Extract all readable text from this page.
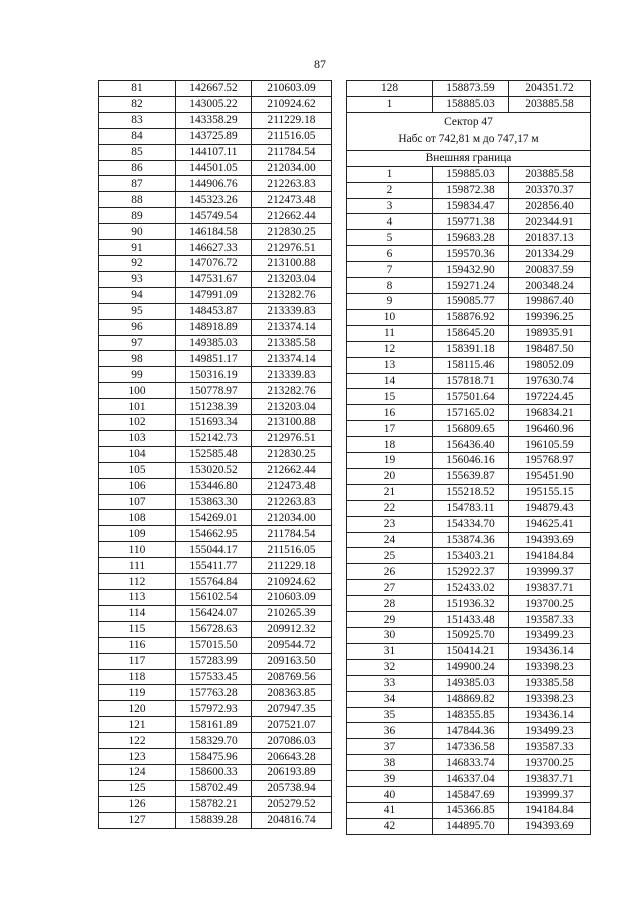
87
81	142667.52	210603.09
82	143005.22	210924.62
83	143358.29	211229.18
84	143725.89	211516.05
85	144107.11	211784.54
86	144501.05	212034.00
87	144906.76	212263.83
88	145323.26	212473.48
89	145749.54	212662.44
90	146184.58	212830.25
91	146627.33	212976.51
92	147076.72	213100.88
93	147531.67	213203.04
94	147991.09	213282.76
95	148453.87	213339.83
96	148918.89	213374.14
97	149385.03	213385.58
98	149851.17	213374.14
99	150316.19	213339.83
100	150778.97	213282.76
101	151238.39	213203.04
102	151693.34	213100.88
103	152142.73	212976.51
104	152585.48	212830.25
105	153020.52	212662.44
106	153446.80	212473.48
107	153863.30	212263.83
108	154269.01	212034.00
109	154662.95	211784.54
110	155044.17	211516.05
111	155411.77	211229.18
112	155764.84	210924.62
113	156102.54	210603.09
114	156424.07	210265.39
115	156728.63	209912.32
116	157015.50	209544.72
117	157283.99	209163.50
118	157533.45	208769.56
119	157763.28	208363.85
120	157972.93	207947.35
121	158161.89	207521.07
122	158329.70	207086.03
123	158475.96	206643.28
124	158600.33	206193.89
125	158702.49	205738.94
126	158782.21	205279.52
127	158839.28	204816.74
128	158873.59	204351.72
1	158885.03	203885.58

Сектор 47
Набс от 742,81 м до 747,17 м		

Внешняя граница		
1	159885.03	203885.58
2	159872.38	203370.37
3	159834.47	202856.40
4	159771.38	202344.91
5	159683.28	201837.13
6	159570.36	201334.29
7	159432.90	200837.59
8	159271.24	200348.24
9	159085.77	199867.40
10	158876.92	199396.25
11	158645.20	198935.91
12	158391.18	198487.50
13	158115.46	198052.09
14	157818.71	197630.74
15	157501.64	197224.45
16	157165.02	196834.21
17	156809.65	196460.96
18	156436.40	196105.59
19	156046.16	195768.97
20	155639.87	195451.90
21	155218.52	195155.15
22	154783.11	194879.43
23	154334.70	194625.41
24	153874.36	194393.69
25	153403.21	194184.84
26	152922.37	193999.37
27	152433.02	193837.71
28	151936.32	193700.25
29	151433.48	193587.33
30	150925.70	193499.23
31	150414.21	193436.14
32	149900.24	193398.23
33	149385.03	193385.58
34	148869.82	193398.23
35	148355.85	193436.14
36	147844.36	193499.23
37	147336.58	193587.33
38	146833.74	193700.25
39	146337.04	193837.71
40	145847.69	193999.37
41	145366.85	194184.84
42	144895.70	194393.69
